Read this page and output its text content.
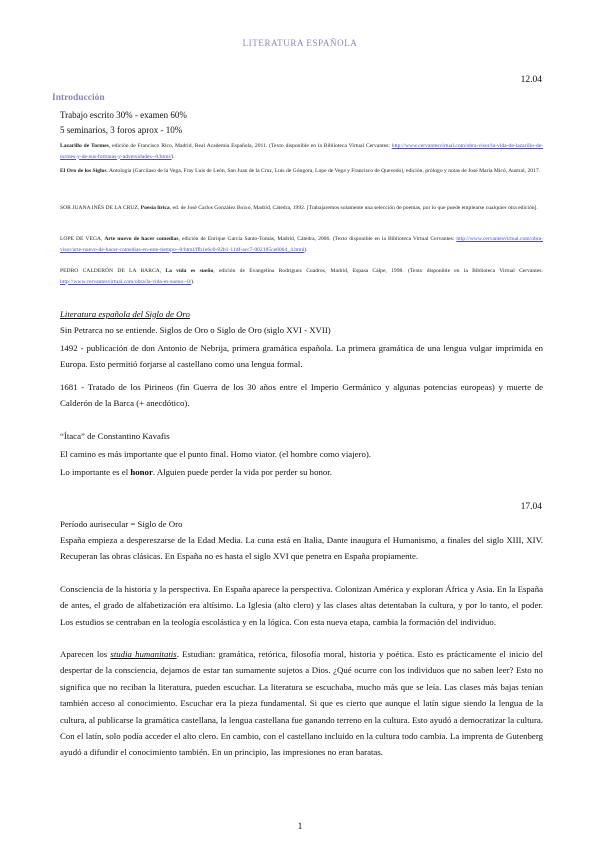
LITERATURA ESPAÑOLA
12.04
Introducción
Trabajo escrito 30% - examen 60%
5 seminarios, 3 foros aprox - 10%
Lazarillo de Tormes, edición de Francisco Rico, Madrid, Real Academia Española, 2011. (Texto disponible en la Biblioteca Virtual Cervantes: http://www.cervantesvirtual.com/obra-visor/la-vida-de-lazarillo-de-tormes-y-de-sus-fortunas-y-adversidades--0/html/).
El Oro de los Siglos. Antología (Garcilaso de la Vega, Fray Luis de León, San Juan de la Cruz, Luis de Góngora, Lope de Vega y Francisco de Quevedo), edición, prólogo y notas de José María Micó, Austral, 2017.
SOR JUANA INÉS DE LA CRUZ, Poesía lírica, ed. de José Carlos González Boixo, Madrid, Cátedra, 1992. [Trabajaremos solamente una selección de poemas, por lo que puede emplearse cualquier otra edición].
LOPE DE VEGA, Arte nuevo de hacer comedias, edición de Enrique García Santo-Tomás, Madrid, Cátedra, 2006. (Texto disponible en la Biblioteca Virtual Cervantes: http://www.cervantesvirtual.com/obra-visor/arte-nuevo-de-hacer-comedias-en-este-tiempo--0/html/ffb1e6c0-82b1-11df-acc7-002185ce6064_4.html).
PEDRO CALDERÓN DE LA BARCA, La vida es sueño, edición de Evangelina Rodríguez Cuadros, Madrid, Espasa Calpe, 1998. (Texto disponible en la Biblioteca Virtual Cervantes: http://www.cervantesvirtual.com/obra/la-vida-es-sueno--0/).
Literatura española del Siglo de Oro
Sin Petrarca no se entiende. Siglos de Oro o Siglo de Oro (siglo XVI - XVII)
1492 - publicación de don Antonio de Nebrija, primera gramática española. La primera gramática de una lengua vulgar imprimida en Europa. Esto permitió forjarse al castellano como una lengua formal.
1681 - Tratado de los Pirineos (fin Guerra de los 30 años entre el Imperio Germánico y algunas potencias europeas) y muerte de Calderón de la Barca (+ anecdótico).
“Ítaca” de Constantino Kavafis
El camino es más importante que el punto final. Homo viator. (el hombre como viajero).
Lo importante es el honor. Alguien puede perder la vida por perder su honor.
17.04
Período aurisecular = Siglo de Oro
España empieza a despereszarse de la Edad Media. La cuna está en Italia, Dante inaugura el Humanismo, a finales del siglo XIII, XIV. Recuperan las obras clásicas. En España no es hasta el siglo XVI que penetra en España propiamente.
Consciencia de la historia y la perspectiva. En España aparece la perspectiva. Colonizan América y exploran África y Asia. En la España de antes, el grado de alfabetización era altísimo. La Iglesia (alto clero) y las clases altas detentaban la cultura, y por lo tanto, el poder. Los estudios se centraban en la teología escolástica y en la lógica. Con esta nueva etapa, cambia la formación del individuo.
Aparecen los studia humanitatis. Estudian: gramática, retórica, filosofía moral, historia y poética. Esto es prácticamente el inicio del despertar de la consciencia, dejamos de estar tan sumamente sujetos a Dios. ¿Qué ocurre con los individuos que no saben leer? Esto no significa que no reciban la literatura, pueden escuchar. La literatura se escuchaba, mucho más que se leía. Las clases más bajas tenían también acceso al conocimiento. Escuchar era la pieza fundamental. Si que es cierto que aunque el latín sigue siendo la lengua de la cultura, al publicarse la gramática castellana, la lengua castellana fue ganando terreno en la cultura. Esto ayudó a democratizar la cultura. Con el latín, solo podía acceder el alto clero. En cambio, con el castellano incluido en la cultura todo cambia. La imprenta de Gutenberg ayudó a difundir el conocimiento también. En un principio, las impresiones no eran baratas.
1
